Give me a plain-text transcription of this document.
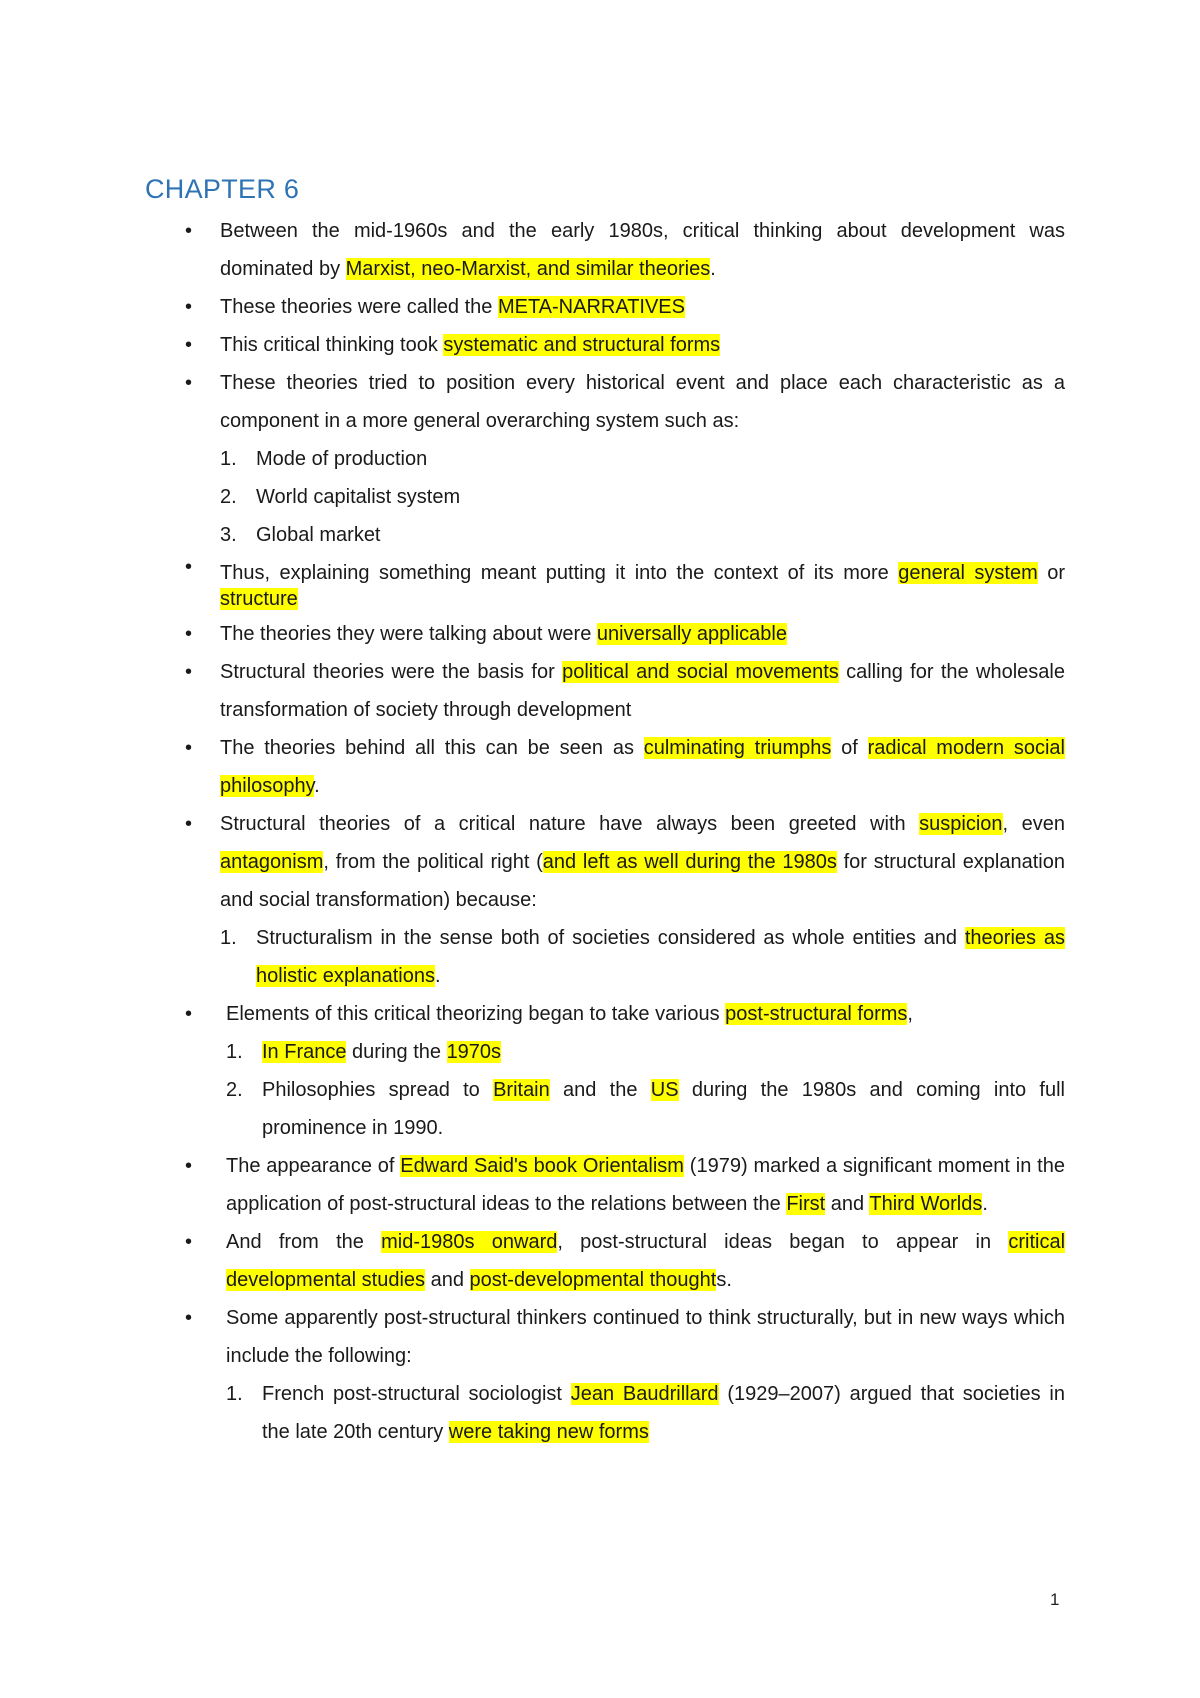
CHAPTER 6
• Between the mid-1960s and the early 1980s, critical thinking about development was dominated by Marxist, neo-Marxist, and similar theories.
• These theories were called the META-NARRATIVES
• This critical thinking took systematic and structural forms
• These theories tried to position every historical event and place each characteristic as a component in a more general overarching system such as:
1. Mode of production
2. World capitalist system
3. Global market
• Thus, explaining something meant putting it into the context of its more general system or structure
• The theories they were talking about were universally applicable
• Structural theories were the basis for political and social movements calling for the wholesale transformation of society through development
• The theories behind all this can be seen as culminating triumphs of radical modern social philosophy.
• Structural theories of a critical nature have always been greeted with suspicion, even antagonism, from the political right (and left as well during the 1980s for structural explanation and social transformation) because:
1. Structuralism in the sense both of societies considered as whole entities and theories as holistic explanations.
• Elements of this critical theorizing began to take various post-structural forms,
1. In France during the 1970s
2. Philosophies spread to Britain and the US during the 1980s and coming into full prominence in 1990.
• The appearance of Edward Said's book Orientalism (1979) marked a significant moment in the application of post-structural ideas to the relations between the First and Third Worlds.
• And from the mid-1980s onward, post-structural ideas began to appear in critical developmental studies and post-developmental thoughts.
• Some apparently post-structural thinkers continued to think structurally, but in new ways which include the following:
1. French post-structural sociologist Jean Baudrillard (1929–2007) argued that societies in the late 20th century were taking new forms
1
